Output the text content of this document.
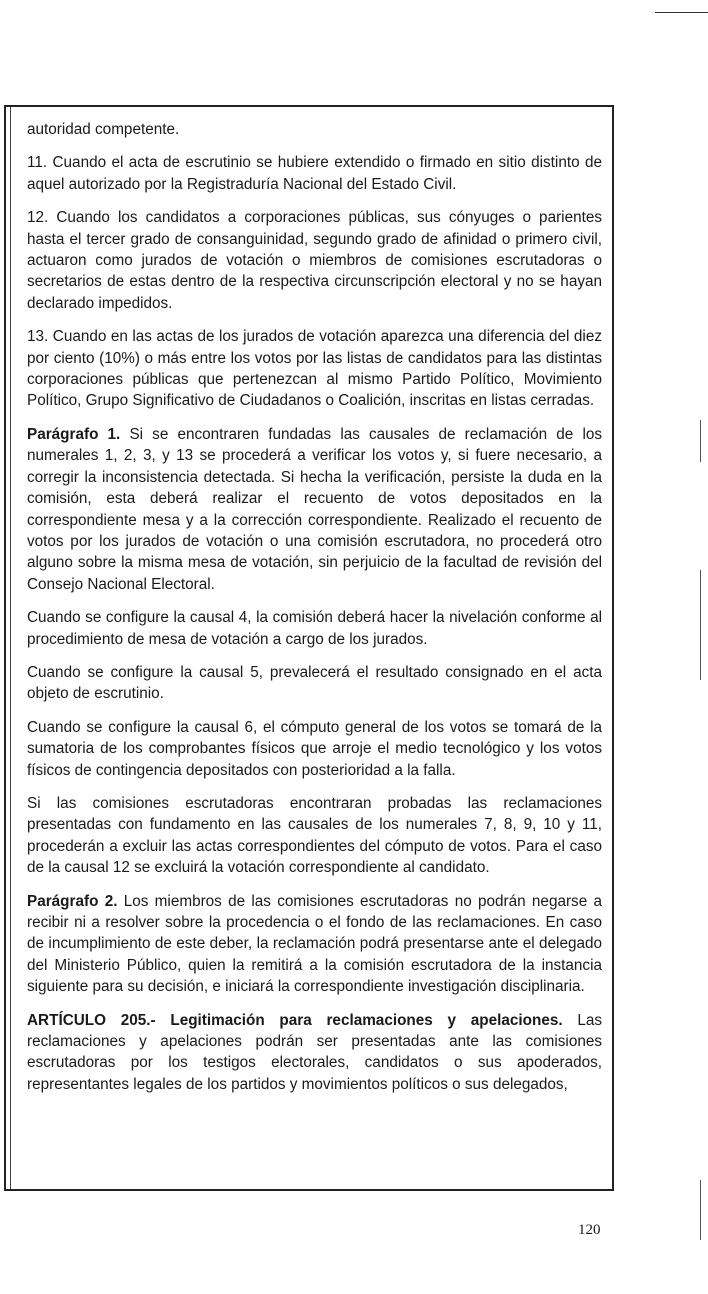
autoridad competente.

11. Cuando el acta de escrutinio se hubiere extendido o firmado en sitio distinto de aquel autorizado por la Registraduría Nacional del Estado Civil.

12. Cuando los candidatos a corporaciones públicas, sus cónyuges o parientes hasta el tercer grado de consanguinidad, segundo grado de afinidad o primero civil, actuaron como jurados de votación o miembros de comisiones escrutadoras o secretarios de estas dentro de la respectiva circunscripción electoral y no se hayan declarado impedidos.

13. Cuando en las actas de los jurados de votación aparezca una diferencia del diez por ciento (10%) o más entre los votos por las listas de candidatos para las distintas corporaciones públicas que pertenezcan al mismo Partido Político, Movimiento Político, Grupo Significativo de Ciudadanos o Coalición, inscritas en listas cerradas.

Parágrafo 1. Si se encontraren fundadas las causales de reclamación de los numerales 1, 2, 3, y 13 se procederá a verificar los votos y, si fuere necesario, a corregir la inconsistencia detectada. Si hecha la verificación, persiste la duda en la comisión, esta deberá realizar el recuento de votos depositados en la correspondiente mesa y a la corrección correspondiente. Realizado el recuento de votos por los jurados de votación o una comisión escrutadora, no procederá otro alguno sobre la misma mesa de votación, sin perjuicio de la facultad de revisión del Consejo Nacional Electoral.

Cuando se configure la causal 4, la comisión deberá hacer la nivelación conforme al procedimiento de mesa de votación a cargo de los jurados.

Cuando se configure la causal 5, prevalecerá el resultado consignado en el acta objeto de escrutinio.

Cuando se configure la causal 6, el cómputo general de los votos se tomará de la sumatoria de los comprobantes físicos que arroje el medio tecnológico y los votos físicos de contingencia depositados con posterioridad a la falla.

Si las comisiones escrutadoras encontraran probadas las reclamaciones presentadas con fundamento en las causales de los numerales 7, 8, 9, 10 y 11, procederán a excluir las actas correspondientes del cómputo de votos. Para el caso de la causal 12 se excluirá la votación correspondiente al candidato.

Parágrafo 2. Los miembros de las comisiones escrutadoras no podrán negarse a recibir ni a resolver sobre la procedencia o el fondo de las reclamaciones. En caso de incumplimiento de este deber, la reclamación podrá presentarse ante el delegado del Ministerio Público, quien la remitirá a la comisión escrutadora de la instancia siguiente para su decisión, e iniciará la correspondiente investigación disciplinaria.

ARTÍCULO 205.- Legitimación para reclamaciones y apelaciones. Las reclamaciones y apelaciones podrán ser presentadas ante las comisiones escrutadoras por los testigos electorales, candidatos o sus apoderados, representantes legales de los partidos y movimientos políticos o sus delegados,

120
